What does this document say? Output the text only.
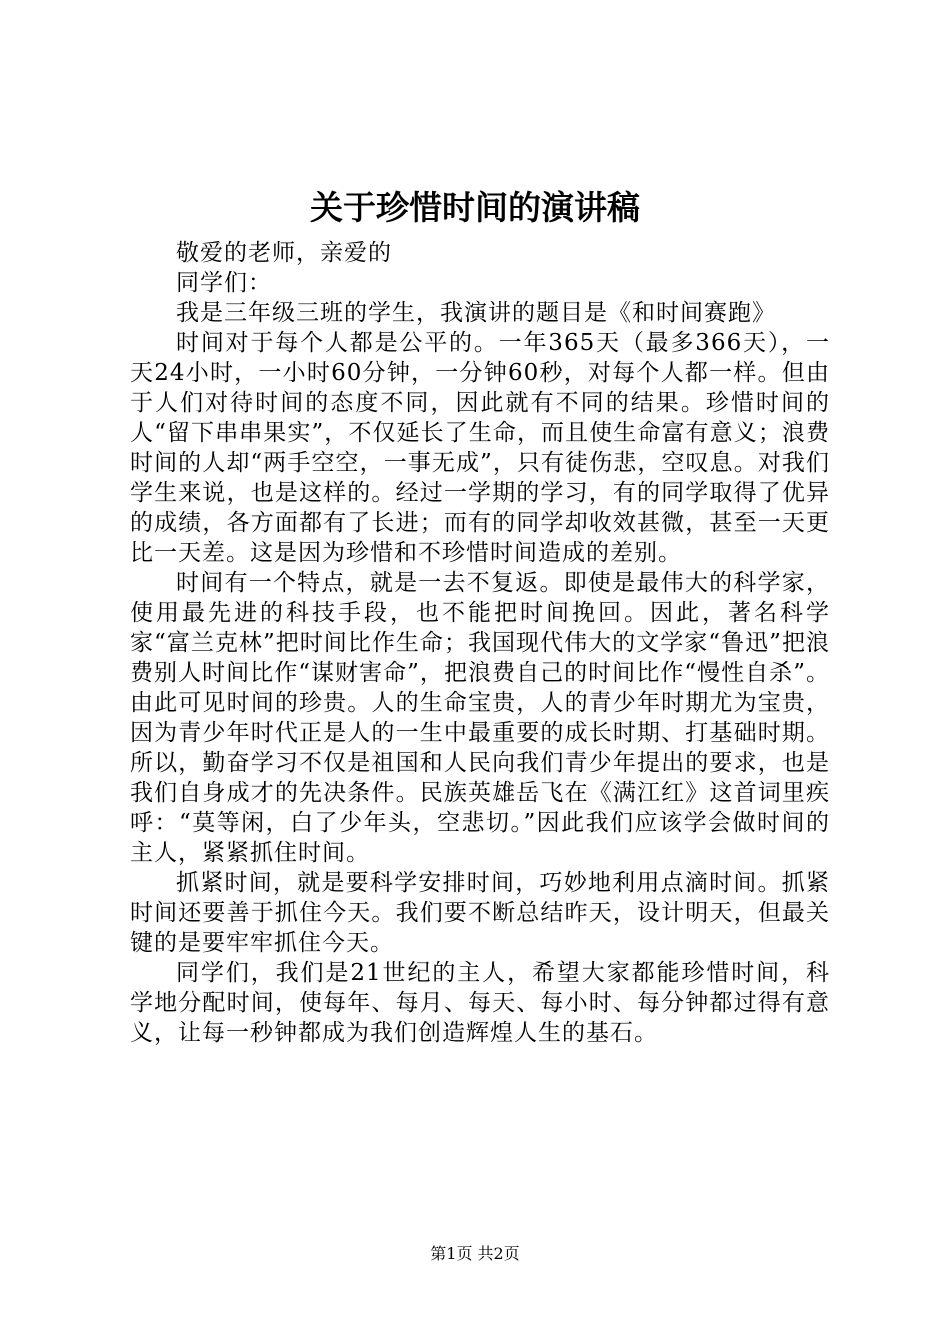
关于珍惜时间的演讲稿

敬爱的老师，亲爱的

同学们：

我是三年级三班的学生，我演讲的题目是《和时间赛跑》

时间对于每个人都是公平的。一年365天（最多366天），一天24小时，一小时60分钟，一分钟60秒，对每个人都一样。但由于人们对待时间的态度不同，因此就有不同的结果。珍惜时间的人“留下串串果实”，不仅延长了生命，而且使生命富有意义；浪费时间的人却“两手空空，一事无成”，只有徒伤悲，空叹息。对我们学生来说，也是这样的。经过一学期的学习，有的同学取得了优异的成绩，各方面都有了长进；而有的同学却收效甚微，甚至一天更比一天差。这是因为珍惜和不珍惜时间造成的差别。

时间有一个特点，就是一去不复返。即使是最伟大的科学家，使用最先进的科技手段，也不能把时间挽回。因此，著名科学家“富兰克林”把时间比作生命；我国现代伟大的文学家“鲁迅”把浪费别人时间比作“谋财害命”，把浪费自己的时间比作“慢性自杀”。由此可见时间的珍贵。人的生命宝贵，人的青少年时期尤为宝贵，因为青少年时代正是人的一生中最重要的成长时期、打基础时期。所以，勤奋学习不仅是祖国和人民向我们青少年提出的要求，也是我们自身成才的先决条件。民族英雄岳飞在《满江红》这首词里疾呼：“莫等闲，白了少年头，空悲切。”因此我们应该学会做时间的主人，紧紧抓住时间。

抓紧时间，就是要科学安排时间，巧妙地利用点滴时间。抓紧时间还要善于抓住今天。我们要不断总结昨天，设计明天，但最关键的是要牢牢抓住今天。

同学们，我们是21世纪的主人，希望大家都能珍惜时间，科学地分配时间，使每年、每月、每天、每小时、每分钟都过得有意义，让每一秒钟都成为我们创造辉煌人生的基石。

第1页 共2页
